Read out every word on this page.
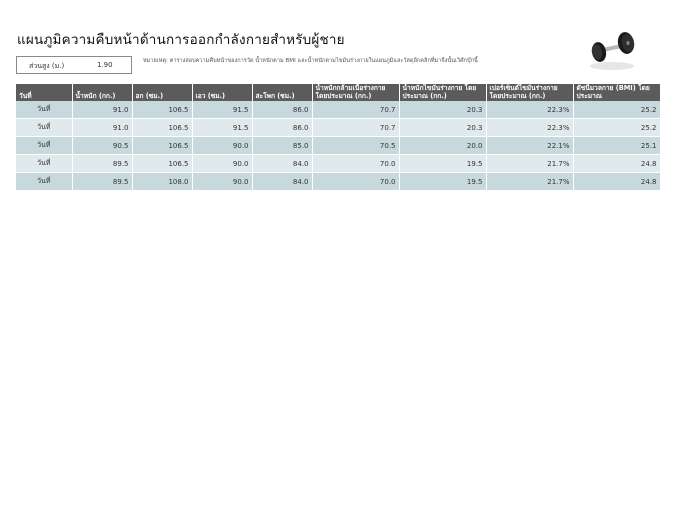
แผนภูมิความคืบหน้าด้านการออกกำลังกายสำหรับผู้ชาย
ส่วนสูง (ม.)	1.90	หมายเหตุ: ตารางสอบความคืบหน้าของการวัด น้ำหนักตาม BMI และน้ำหนักตามไขมันร่างกายในแผนภูมิและวัสดุอีกคลิกที่มาจึงนั้นเวิศ์กบุ๊กนี้
วันที่	น้ำหนัก (กก.)	อก (ซม.)	เอว (ซม.)	สะโพก (ซม.)	น้ำหนักกล้ามเนื้อร่างกาย โดยประมาณ (กก.)	น้ำหนักไขมันร่างกาย โดยประมาณ (กก.)	เปอร์เซ็นต์ไขมันร่างกาย โดยประมาณ (กก.)	ดัชนีมวลกาย (BMI) โดยประมาณ
วันที่	91.0	106.5	91.5	86.0	70.7	20.3	22.3%	25.2
วันที่	91.0	106.5	91.5	86.0	70.7	20.3	22.3%	25.2
วันที่	90.5	106.5	90.0	85.0	70.5	20.0	22.1%	25.1
วันที่	89.5	106.5	90.0	84.0	70.0	19.5	21.7%	24.8
วันที่	89.5	108.0	90.0	84.0	70.0	19.5	21.7%	24.8
